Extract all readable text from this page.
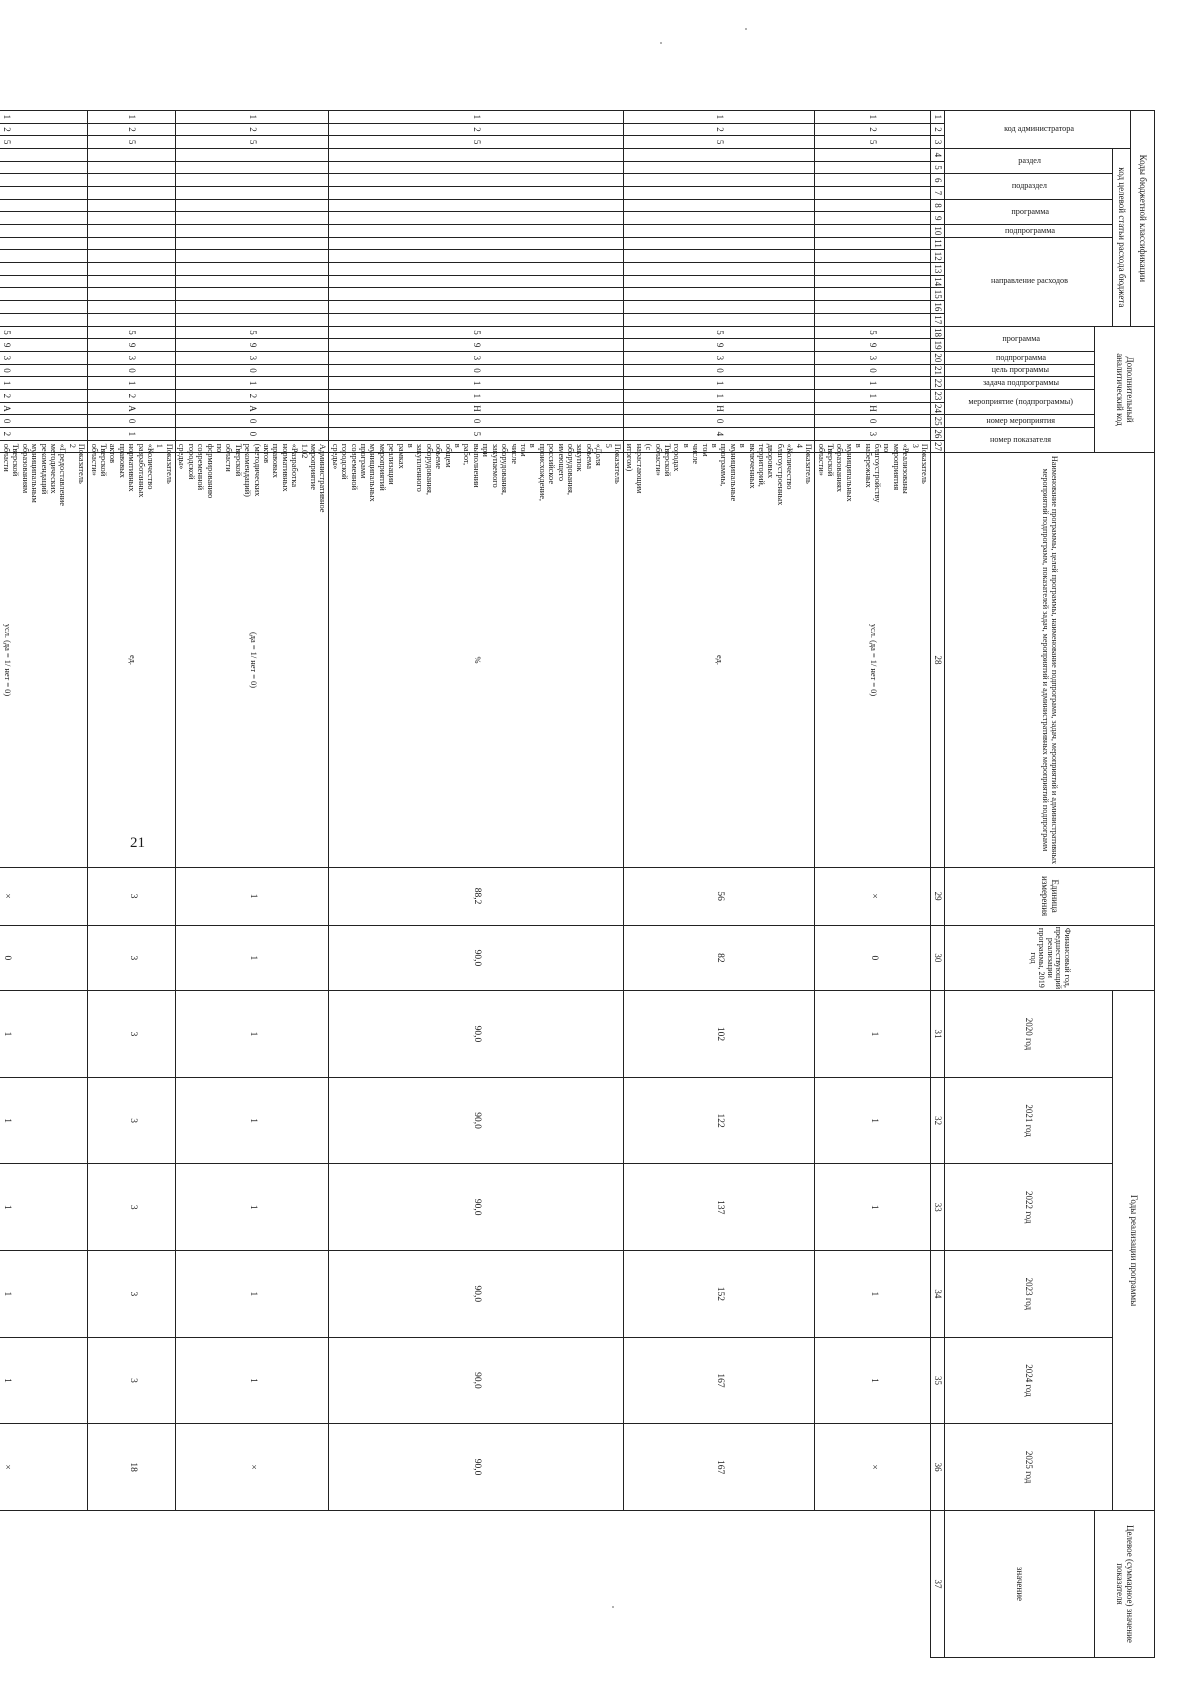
21
Коды бюджетной классификации																	Дополнительный аналитический код										Наименование программы, целей программы, наименование подпрограмм, задач, мероприятий и административных мероприятий подпрограмм, показателей задач, мероприятий и административных мероприятий подпрограмм	Единица измерения	Финансовый год, предшествующий реализации программы, 2019 год	Годы реализации программы						Целевое (суммарное) значение показателя
код администратора			код целевой статьи расхода бюджета																																	
			раздел		подраздел		программа		подпрограмма	направление расходов																				2020 год	2021 год	2022 год	2023 год	2024 год	2025 год	
																	программа		подпрограмма	цель программы	задача подпрограммы	мероприятие (подпрограммы)		номер мероприятия	номер показателя											значение
1	2	3	4	5	6	7	8	9	10	11	12	13	14	15	16	17	18	19	20	21	22	23	24	25	26	27	28	29	30	31	32	33	34	35	36	37
1	2	5															5	9	3	0	1	1	Н	0	3	Показатель 3 «Реализованы мероприятия по благоустройству набережных в муниципальных образованиях Тверской области»	усл. (да = 1/ нет = 0)	×	0	1	1	1	1	1	×	
1	2	5															5	9	3	0	1	1	Н	0	4	Показатель 4 «Количество благоустроенных дворовых территорий, включенных в муниципальные программы, в том числе в городах Тверской области» (с нарастающим итогом)	ед.	56	82	102	122	137	152	167	167	
1	2	5															5	9	3	0	1	1	Н	0	5	Показатель 5 «Доля объема закупок оборудования, имеющего российское происхождение, в том числе оборудования, закупаемого при выполнении работ, в общем объеме оборудования, закупленного в рамках реализации мероприятий муниципальных программ современной городской среды»	%	88,2	90,0	90,0	90,0	90,0	90,0	90,0	90,0	
1	2	5															5	9	3	0	1	2	А	0	0	Административное мероприятие 1.02 «Разработка нормативных правовых актов (методических рекомендаций) Тверской области по формированию современной городской среды»	(да = 1/ нет = 0)	1	1	1	1	1	1	1	×	
1	2	5															5	9	3	0	1	2	А	0	1	Показатель 1 «Количество разработанных нормативных правовых актов Тверской области»	ед.	3	3	3	3	3	3	3	18	
1	2	5															5	9	3	0	1	2	А	0	2	Показатель 2 «Предоставление методических рекомендаций муниципальным образованиям Тверской области	усл. (да = 1/ нет = 0)	×	0	1	1	1	1	1	×	
